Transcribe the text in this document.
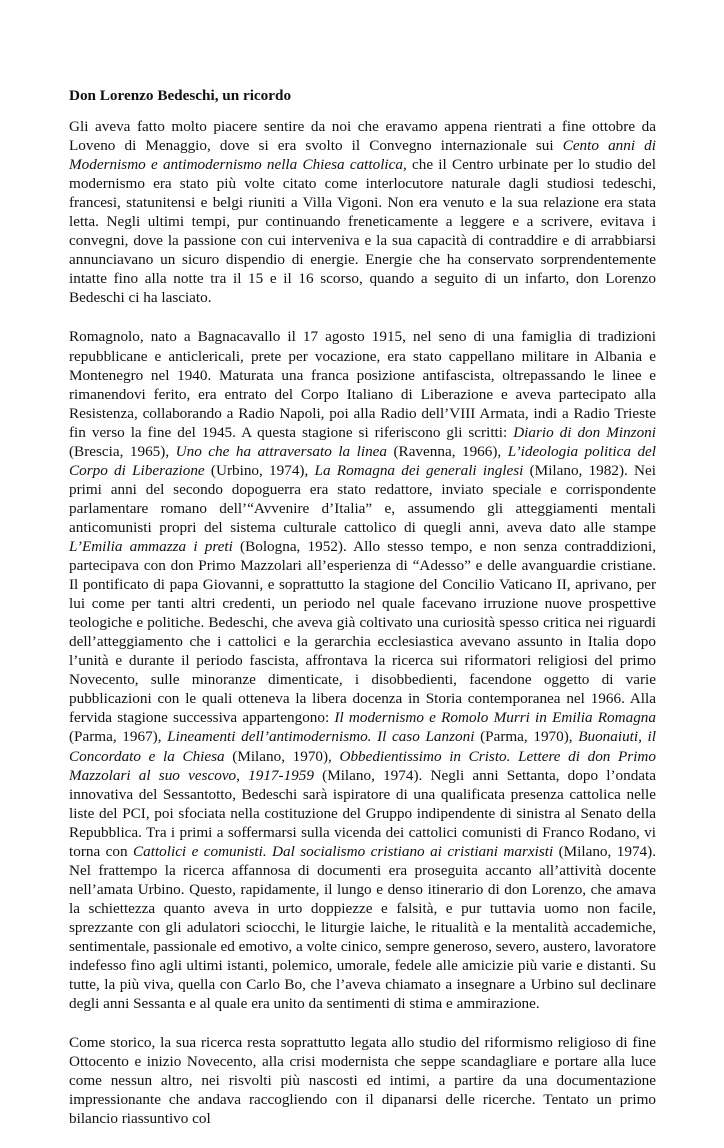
Don Lorenzo Bedeschi, un ricordo

Gli aveva fatto molto piacere sentire da noi che eravamo appena rientrati a fine ottobre da Loveno di Menaggio, dove si era svolto il Convegno internazionale sui Cento anni di Modernismo e antimodernismo nella Chiesa cattolica, che il Centro urbinate per lo studio del modernismo era stato più volte citato come interlocutore naturale dagli studiosi tedeschi, francesi, statunitensi e belgi riuniti a Villa Vigoni. Non era venuto e la sua relazione era stata letta. Negli ultimi tempi, pur continuando freneticamente a leggere e a scrivere, evitava i convegni, dove la passione con cui interveniva e la sua capacità di contraddire e di arrabbiarsi annunciavano un sicuro dispendio di energie. Energie che ha conservato sorprendentemente intatte fino alla notte tra il 15 e il 16 scorso, quando a seguito di un infarto, don Lorenzo Bedeschi ci ha lasciato.

Romagnolo, nato a Bagnacavallo il 17 agosto 1915, nel seno di una famiglia di tradizioni repubblicane e anticlericali, prete per vocazione, era stato cappellano militare in Albania e Montenegro nel 1940. Maturata una franca posizione antifascista, oltrepassando le linee e rimanendovi ferito, era entrato del Corpo Italiano di Liberazione e aveva partecipato alla Resistenza, collaborando a Radio Napoli, poi alla Radio dell’VIII Armata, indi a Radio Trieste fin verso la fine del 1945. A questa stagione si riferiscono gli scritti: Diario di don Minzoni (Brescia, 1965), Uno che ha attraversato la linea (Ravenna, 1966), L’ideologia politica del Corpo di Liberazione (Urbino, 1974), La Romagna dei generali inglesi (Milano, 1982). Nei primi anni del secondo dopoguerra era stato redattore, inviato speciale e corrispondente parlamentare romano dell’“Avvenire d’Italia” e, assumendo gli atteggiamenti mentali anticomunisti propri del sistema culturale cattolico di quegli anni, aveva dato alle stampe L’Emilia ammazza i preti (Bologna, 1952). Allo stesso tempo, e non senza contraddizioni, partecipava con don Primo Mazzolari all’esperienza di “Adesso” e delle avanguardie cristiane. Il pontificato di papa Giovanni, e soprattutto la stagione del Concilio Vaticano II, aprivano, per lui come per tanti altri credenti, un periodo nel quale facevano irruzione nuove prospettive teologiche e politiche. Bedeschi, che aveva già coltivato una curiosità spesso critica nei riguardi dell’atteggiamento che i cattolici e la gerarchia ecclesiastica avevano assunto in Italia dopo l’unità e durante il periodo fascista, affrontava la ricerca sui riformatori religiosi del primo Novecento, sulle minoranze dimenticate, i disobbedienti, facendone oggetto di varie pubblicazioni con le quali otteneva la libera docenza in Storia contemporanea nel 1966. Alla fervida stagione successiva appartengono: Il modernismo e Romolo Murri in Emilia Romagna (Parma, 1967), Lineamenti dell’antimodernismo. Il caso Lanzoni (Parma, 1970), Buonaiuti, il Concordato e la Chiesa (Milano, 1970), Obbedientissimo in Cristo. Lettere di don Primo Mazzolari al suo vescovo, 1917-1959 (Milano, 1974). Negli anni Settanta, dopo l’ondata innovativa del Sessantotto, Bedeschi sarà ispiratore di una qualificata presenza cattolica nelle liste del PCI, poi sfociata nella costituzione del Gruppo indipendente di sinistra al Senato della Repubblica. Tra i primi a soffermarsi sulla vicenda dei cattolici comunisti di Franco Rodano, vi torna con Cattolici e comunisti. Dal socialismo cristiano ai cristiani marxisti (Milano, 1974). Nel frattempo la ricerca affannosa di documenti era proseguita accanto all’attività docente nell’amata Urbino. Questo, rapidamente, il lungo e denso itinerario di don Lorenzo, che amava la schiettezza quanto aveva in urto doppiezze e falsità, e pur tuttavia uomo non facile, sprezzante con gli adulatori sciocchi, le liturgie laiche, le ritualità e la mentalità accademiche, sentimentale, passionale ed emotivo, a volte cinico, sempre generoso, severo, austero, lavoratore indefesso fino agli ultimi istanti, polemico, umorale, fedele alle amicizie più varie e distanti. Su tutte, la più viva, quella con Carlo Bo, che l’aveva chiamato a insegnare a Urbino sul declinare degli anni Sessanta e al quale era unito da sentimenti di stima e ammirazione.

Come storico, la sua ricerca resta soprattutto legata allo studio del riformismo religioso di fine Ottocento e inizio Novecento, alla crisi modernista che seppe scandagliare e portare alla luce come nessun altro, nei risvolti più nascosti ed intimi, a partire da una documentazione impressionante che andava raccogliendo con il dipanarsi delle ricerche. Tentato un primo bilancio riassuntivo col
